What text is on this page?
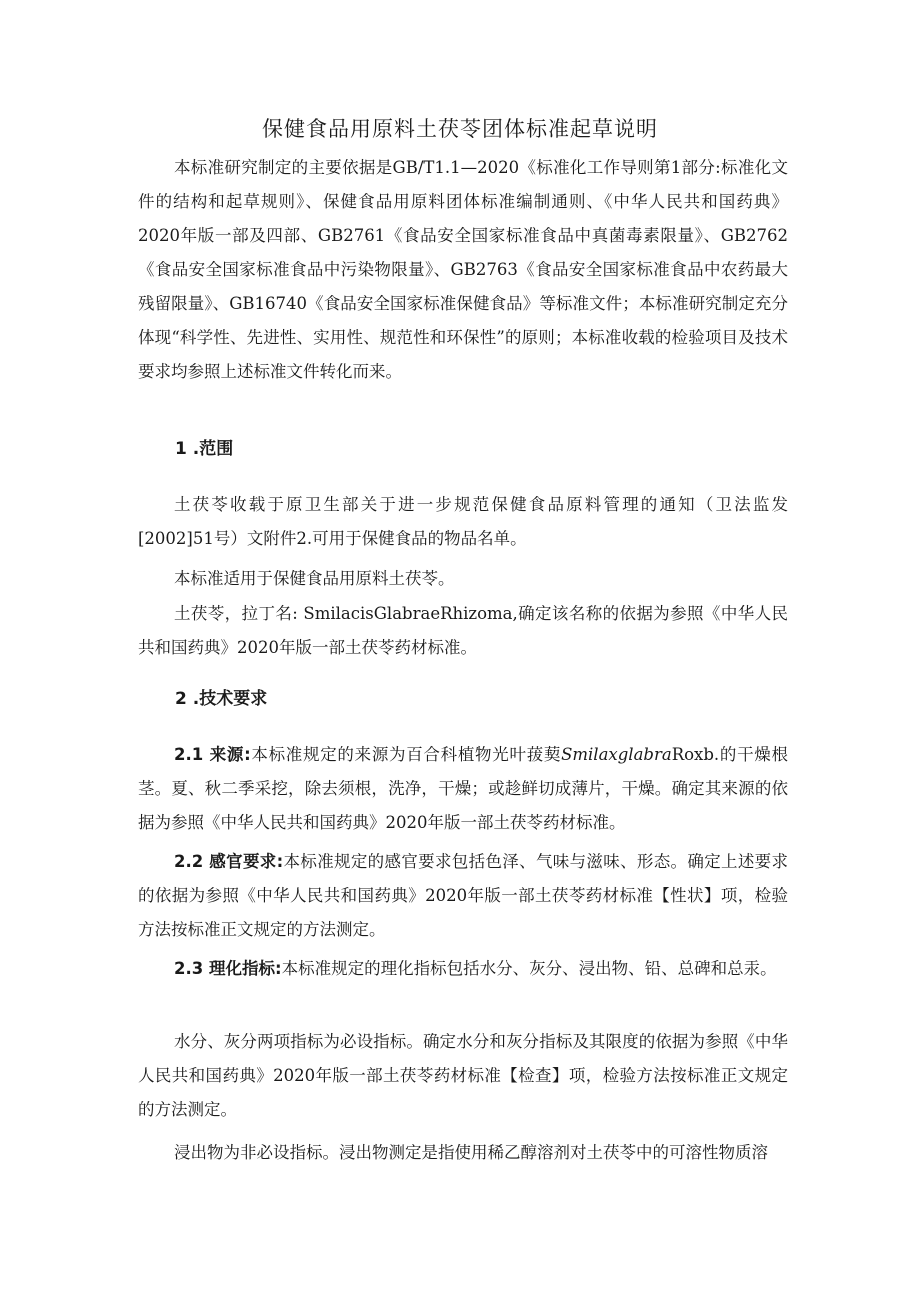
保健食品用原料土茯苓团体标准起草说明

本标准研究制定的主要依据是GB/T1.1—2020《标准化工作导则第1部分:标准化文件的结构和起草规则》、保健食品用原料团体标准编制通则、《中华人民共和国药典》2020年版一部及四部、GB2761《食品安全国家标准食品中真菌毒素限量》、GB2762《食品安全国家标准食品中污染物限量》、GB2763《食品安全国家标准食品中农药最大残留限量》、GB16740《食品安全国家标准保健食品》等标准文件；本标准研究制定充分体现“科学性、先进性、实用性、规范性和环保性”的原则；本标准收载的检验项目及技术要求均参照上述标准文件转化而来。

1 .范围

土茯苓收载于原卫生部关于进一步规范保健食品原料管理的通知（卫法监发[2002]51号）文附件2.可用于保健食品的物品名单。

本标准适用于保健食品用原料土茯苓。

土茯苓，拉丁名: SmilacisGlabraeRhizoma,确定该名称的依据为参照《中华人民共和国药典》2020年版一部土茯苓药材标准。

2 .技术要求

2.1 来源:本标准规定的来源为百合科植物光叶菝葜SmilaxglabraRoxb.的干燥根茎。夏、秋二季采挖，除去须根，洗净，干燥；或趁鲜切成薄片，干燥。确定其来源的依据为参照《中华人民共和国药典》2020年版一部土茯苓药材标准。

2.2 感官要求:本标准规定的感官要求包括色泽、气味与滋味、形态。确定上述要求的依据为参照《中华人民共和国药典》2020年版一部土茯苓药材标准【性状】项，检验方法按标准正文规定的方法测定。

2.3 理化指标:本标准规定的理化指标包括水分、灰分、浸出物、铅、总碑和总汞。

水分、灰分两项指标为必设指标。确定水分和灰分指标及其限度的依据为参照《中华人民共和国药典》2020年版一部土茯苓药材标准【检查】项，检验方法按标准正文规定的方法测定。

浸出物为非必设指标。浸出物测定是指使用稀乙醇溶剂对土茯苓中的可溶性物质溶
